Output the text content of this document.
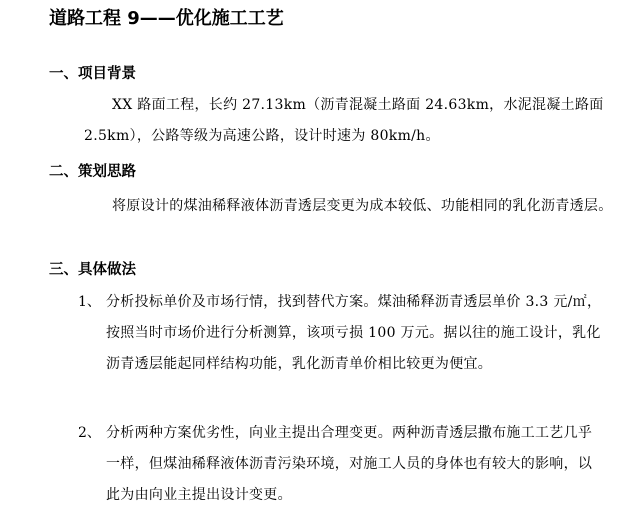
道路工程 9——优化施工工艺
一、项目背景
XX 路面工程，长约 27.13km（沥青混凝土路面 24.63km，水泥混凝土路面 2.5km），公路等级为高速公路，设计时速为 80km/h。
二、策划思路
将原设计的煤油稀释液体沥青透层变更为成本较低、功能相同的乳化沥青透层。
三、具体做法
1、 分析投标单价及市场行情，找到替代方案。煤油稀释沥青透层单价 3.3 元/㎡，按照当时市场价进行分析测算，该项亏损 100 万元。据以往的施工设计，乳化沥青透层能起同样结构功能，乳化沥青单价相比较更为便宜。
2、 分析两种方案优劣性，向业主提出合理变更。两种沥青透层撒布施工工艺几乎一样，但煤油稀释液体沥青污染环境，对施工人员的身体也有较大的影响，以此为由向业主提出设计变更。
